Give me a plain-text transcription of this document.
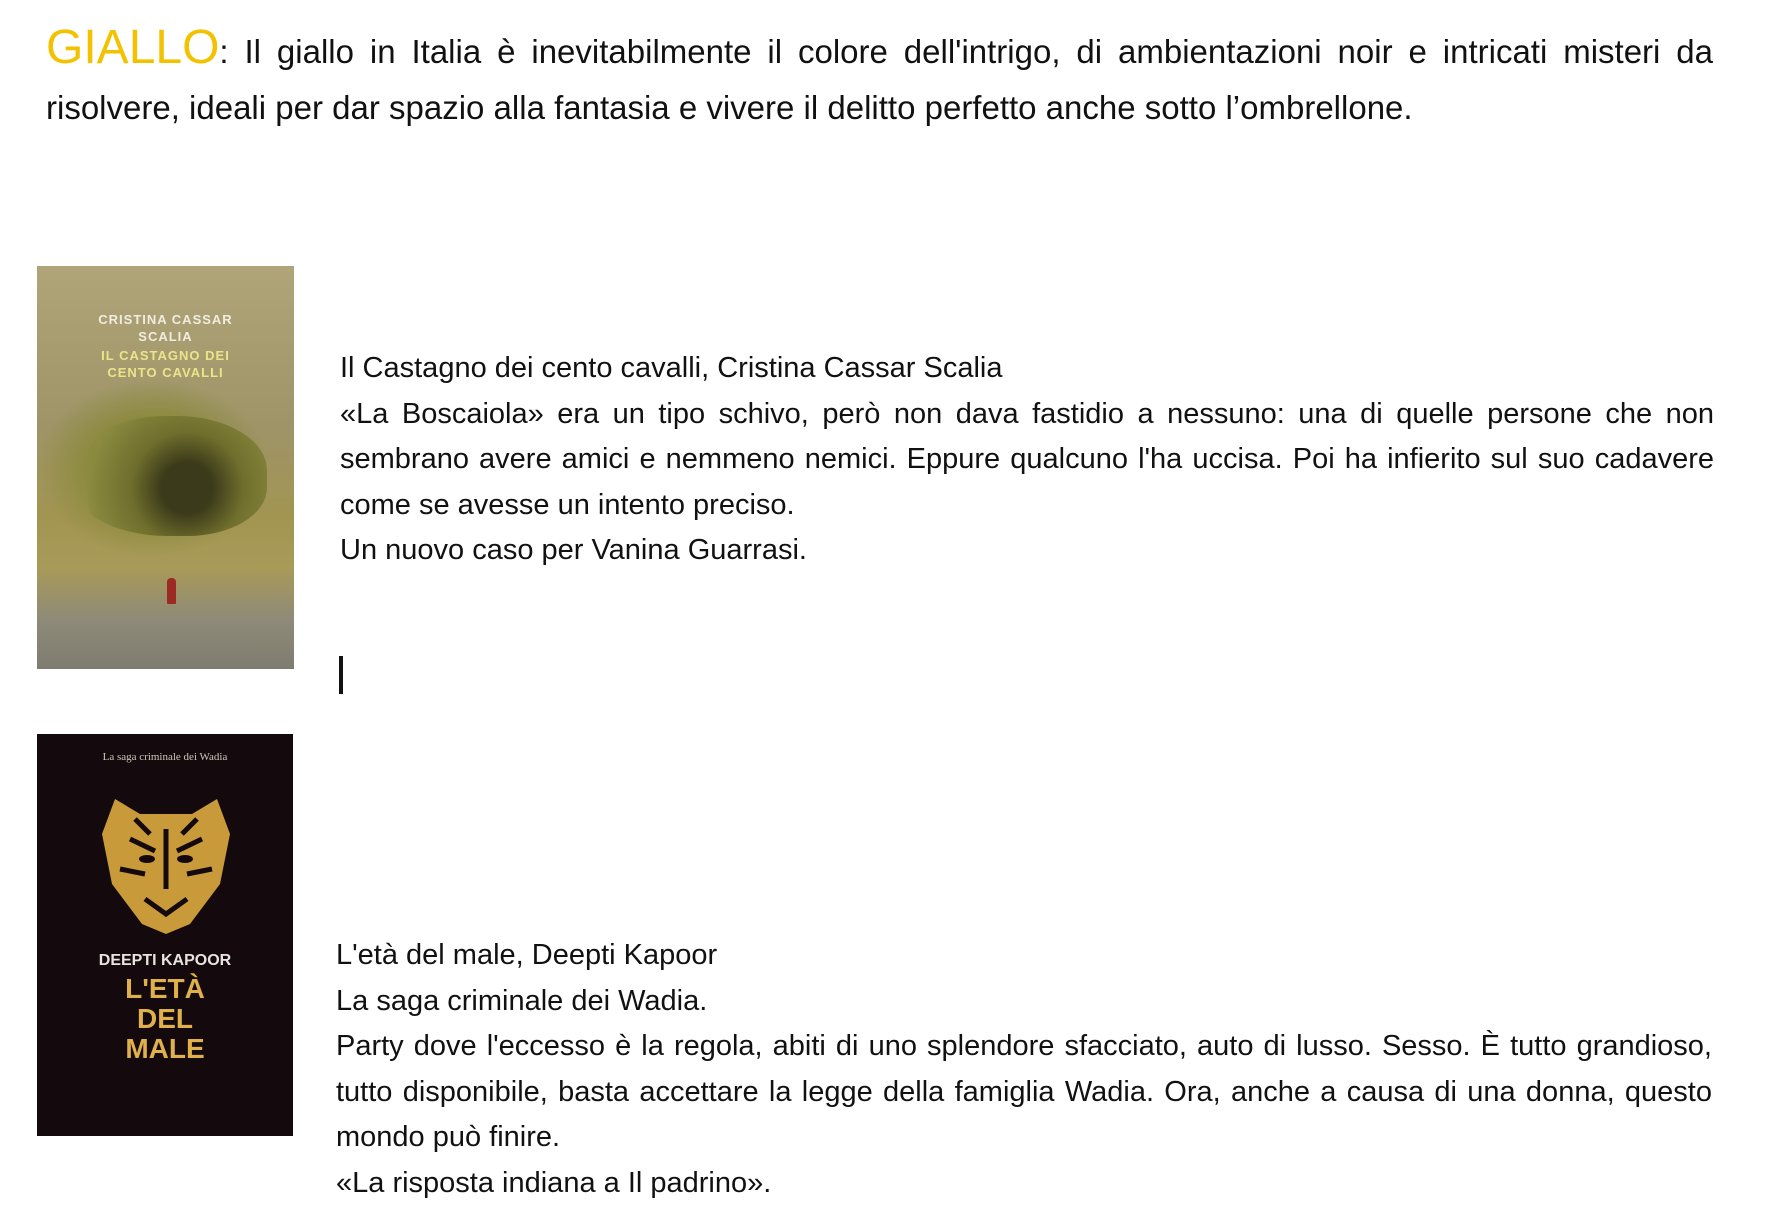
GIALLO: Il giallo in Italia è inevitabilmente il colore dell'intrigo, di ambientazioni noir e intricati misteri da risolvere, ideali per dar spazio alla fantasia e vivere il delitto perfetto anche sotto l’ombrellone.
CRISTINA CASSAR SCALIA
IL CASTAGNO DEI CENTO CAVALLI	Il Castagno dei cento cavalli, Cristina Cassar Scalia

«La Boscaiola» era un tipo schivo, però non dava fastidio a nessuno: una di quelle persone che non sembrano avere amici e nemmeno nemici. Eppure qualcuno l'ha uccisa. Poi ha infierito sul suo cadavere come se avesse un intento preciso.

Un nuovo caso per Vanina Guarrasi.

La saga criminale dei Wadia
DEEPTI KAPOOR
L'ETÀ DEL MALE

L'età del male, Deepti Kapoor

La saga criminale dei Wadia.

Party dove l'eccesso è la regola, abiti di uno splendore sfacciato, auto di lusso. Sesso. È tutto grandioso, tutto disponibile, basta accettare la legge della famiglia Wadia. Ora, anche a causa di una donna, questo mondo può finire.

«La risposta indiana a Il padrino».
